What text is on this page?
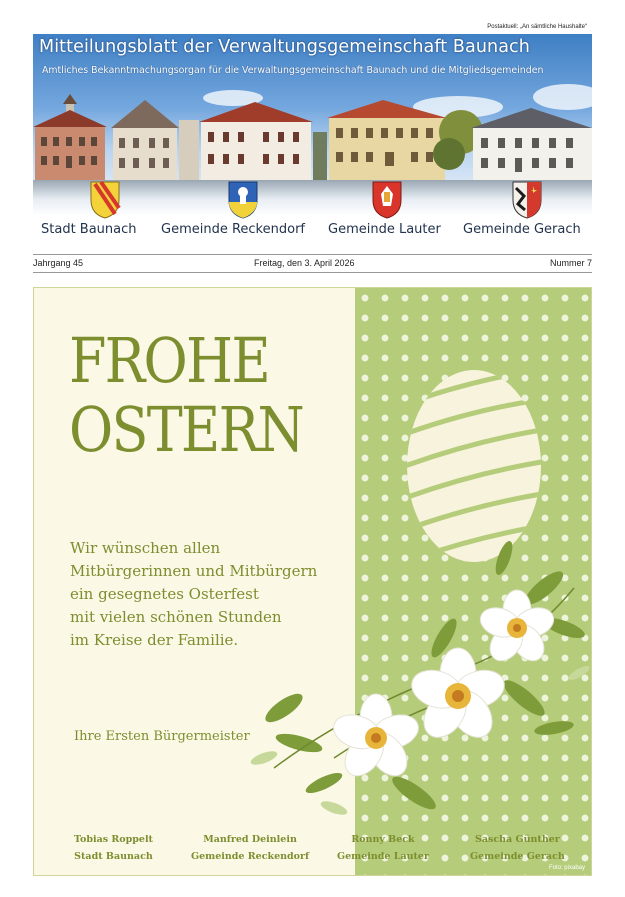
Postaktuell: „An sämtliche Haushalte“
Mitteilungsblatt der Verwaltungsgemeinschaft Baunach
Amtliches Bekanntmachungsorgan für die Verwaltungsgemeinschaft Baunach und die Mitgliedsgemeinden
Stadt Baunach Gemeinde Reckendorf Gemeinde Lauter Gemeinde Gerach
Jahrgang 45	Freitag, den 3. April 2026	Nummer 7
FROHE
OSTERN
Wir wünschen allen
Mitbürgerinnen und Mitbürgern
ein gesegnetes Osterfest
mit vielen schönen Stunden
im Kreise der Familie.
Ihre Ersten Bürgermeister
Tobias Roppelt
Stadt Baunach
Manfred Deinlein
Gemeinde Reckendorf
Ronny Beck
Gemeinde Lauter
Sascha Günther
Gemeinde Gerach
Foto: pixabay
